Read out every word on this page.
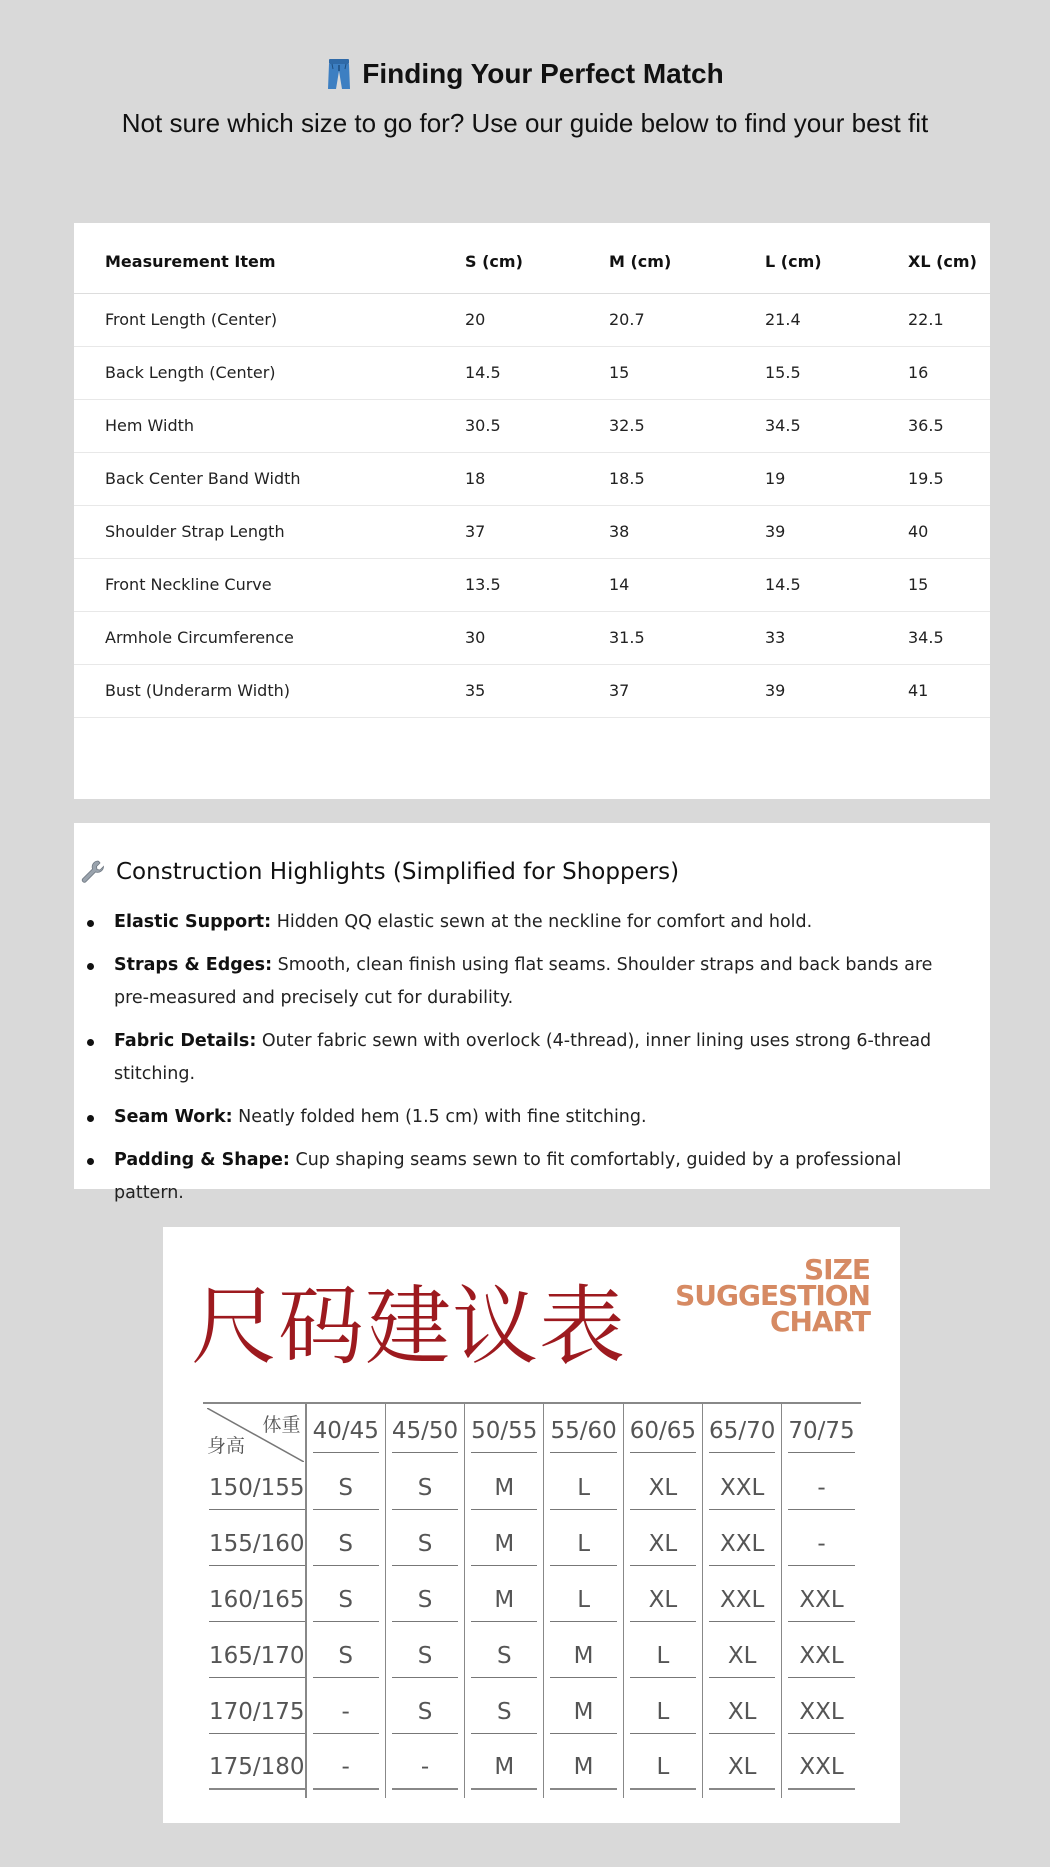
Finding Your Perfect Match
Not sure which size to go for? Use our guide below to find your best fit
Measurement Item	S (cm)	M (cm)	L (cm)	XL (cm)
Front Length (Center)	20	20.7	21.4	22.1
Back Length (Center)	14.5	15	15.5	16
Hem Width	30.5	32.5	34.5	36.5
Back Center Band Width	18	18.5	19	19.5
Shoulder Strap Length	37	38	39	40
Front Neckline Curve	13.5	14	14.5	15
Armhole Circumference	30	31.5	33	34.5
Bust (Underarm Width)	35	37	39	41
Construction Highlights (Simplified for Shoppers)
Elastic Support: Hidden QQ elastic sewn at the neckline for comfort and hold.
Straps & Edges: Smooth, clean finish using flat seams. Shoulder straps and back bands are pre-measured and precisely cut for durability.
Fabric Details: Outer fabric sewn with overlock (4-thread), inner lining uses strong 6-thread stitching.
Seam Work: Neatly folded hem (1.5 cm) with fine stitching.
Padding & Shape: Cup shaping seams sewn to fit comfortably, guided by a professional pattern.
尺码建议表
SIZE
SUGGESTION
CHART
体重
身高	40/45	45/50	50/55	55/60	60/65	65/70	70/75

150/155	S	S	M	L	XL	XXL	-

155/160	S	S	M	L	XL	XXL	-

160/165	S	S	M	L	XL	XXL	XXL

165/170	S	S	S	M	L	XL	XXL

170/175	-	S	S	M	L	XL	XXL

175/180	-	-	M	M	L	XL	XXL
